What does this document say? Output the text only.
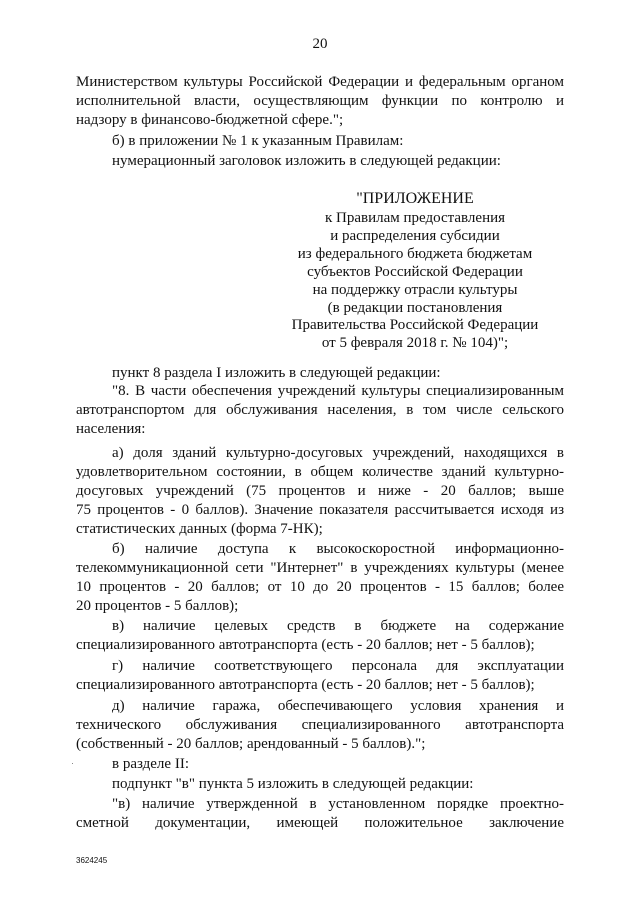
20
Министерством культуры Российской Федерации и федеральным органом
исполнительной власти, осуществляющим функции по контролю и
надзору в финансово-бюджетной сфере.";
б) в приложении № 1 к указанным Правилам:
нумерационный заголовок изложить в следующей редакции:
"ПРИЛОЖЕНИЕ
к Правилам предоставления
и распределения субсидии
из федерального бюджета бюджетам
субъектов Российской Федерации
на поддержку отрасли культуры
(в редакции постановления
Правительства Российской Федерации
от 5 февраля 2018 г. № 104)";
пункт 8 раздела I изложить в следующей редакции:
"8. В части обеспечения учреждений культуры специализированным
автотранспортом для обслуживания населения, в том числе сельского
населения:
а) доля зданий культурно-досуговых учреждений, находящихся в
удовлетворительном состоянии, в общем количестве зданий культурно-
досуговых учреждений (75 процентов и ниже - 20 баллов; выше
75 процентов - 0 баллов). Значение показателя рассчитывается исходя из
статистических данных (форма 7-НК);
б) наличие доступа к высокоскоростной информационно-
телекоммуникационной сети "Интернет" в учреждениях культуры (менее
10 процентов - 20 баллов; от 10 до 20 процентов - 15 баллов; более
20 процентов - 5 баллов);
в) наличие целевых средств в бюджете на содержание
специализированного автотранспорта (есть - 20 баллов; нет - 5 баллов);
г) наличие соответствующего персонала для эксплуатации
специализированного автотранспорта (есть - 20 баллов; нет - 5 баллов);
д) наличие гаража, обеспечивающего условия хранения и
технического обслуживания специализированного автотранспорта
(собственный - 20 баллов; арендованный - 5 баллов).";
в разделе II:
подпункт "в" пункта 5 изложить в следующей редакции:
"в) наличие утвержденной в установленном порядке проектно-
сметной документации, имеющей положительное заключение
3624245
